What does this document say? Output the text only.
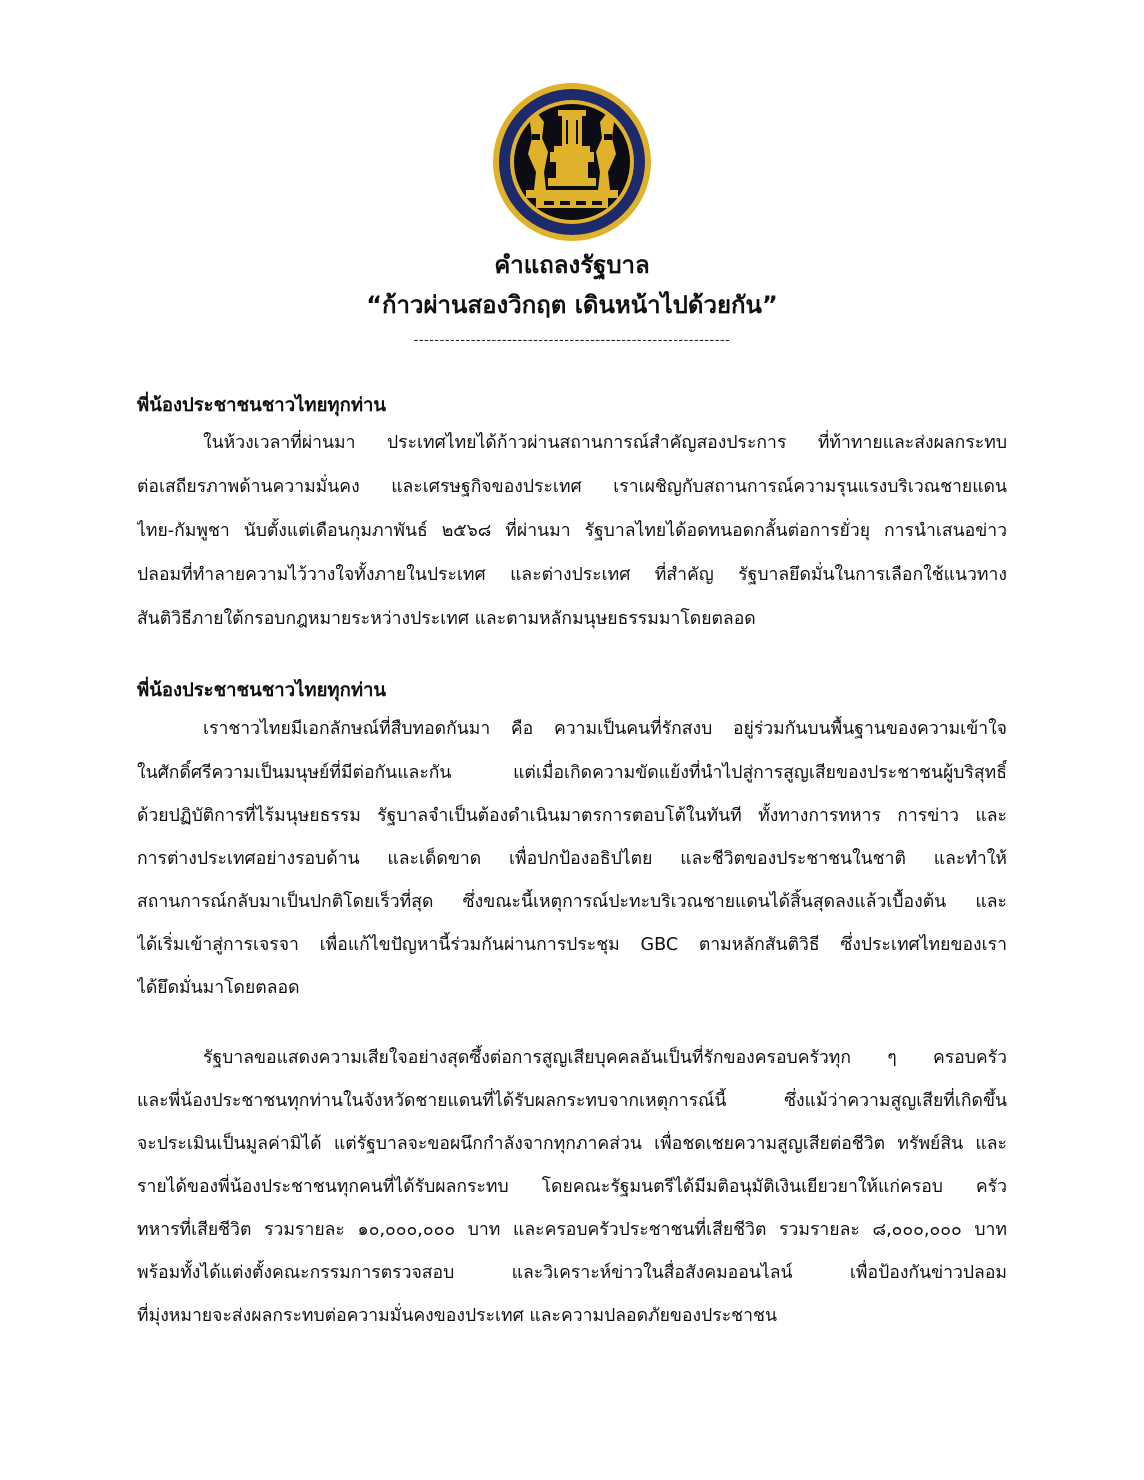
คำแถลงรัฐบาล
“ก้าวผ่านสองวิกฤต เดินหน้าไปด้วยกัน”
-------------------------------------------------------------
พี่น้องประชาชนชาวไทยทุกท่าน
ในห้วงเวลาที่ผ่านมา ประเทศไทยได้ก้าวผ่านสถานการณ์สำคัญสองประการ ที่ท้าทายและส่งผลกระทบ
ต่อเสถียรภาพด้านความมั่นคง และเศรษฐกิจของประเทศ เราเผชิญกับสถานการณ์ความรุนแรงบริเวณชายแดน
ไทย-กัมพูชา นับตั้งแต่เดือนกุมภาพันธ์ ๒๕๖๘ ที่ผ่านมา รัฐบาลไทยได้อดทนอดกลั้นต่อการยั่วยุ การนำเสนอข่าว
ปลอมที่ทำลายความไว้วางใจทั้งภายในประเทศ และต่างประเทศ ที่สำคัญ รัฐบาลยึดมั่นในการเลือกใช้แนวทาง
สันติวิธีภายใต้กรอบกฎหมายระหว่างประเทศ และตามหลักมนุษยธรรมมาโดยตลอด
พี่น้องประชาชนชาวไทยทุกท่าน
เราชาวไทยมีเอกลักษณ์ที่สืบทอดกันมา คือ ความเป็นคนที่รักสงบ อยู่ร่วมกันบนพื้นฐานของความเข้าใจ
ในศักดิ์ศรีความเป็นมนุษย์ที่มีต่อกันและกัน แต่เมื่อเกิดความขัดแย้งที่นำไปสู่การสูญเสียของประชาชนผู้บริสุทธิ์
ด้วยปฏิบัติการที่ไร้มนุษยธรรม รัฐบาลจำเป็นต้องดำเนินมาตรการตอบโต้ในทันที ทั้งทางการทหาร การข่าว และ
การต่างประเทศอย่างรอบด้าน และเด็ดขาด เพื่อปกป้องอธิปไตย และชีวิตของประชาชนในชาติ และทำให้
สถานการณ์กลับมาเป็นปกติโดยเร็วที่สุด ซึ่งขณะนี้เหตุการณ์ปะทะบริเวณชายแดนได้สิ้นสุดลงแล้วเบื้องต้น และ
ได้เริ่มเข้าสู่การเจรจา เพื่อแก้ไขปัญหานี้ร่วมกันผ่านการประชุม GBC ตามหลักสันติวิธี ซึ่งประเทศไทยของเรา
ได้ยึดมั่นมาโดยตลอด
รัฐบาลขอแสดงความเสียใจอย่างสุดซึ้งต่อการสูญเสียบุคคลอันเป็นที่รักของครอบครัวทุก ๆ ครอบครัว
และพี่น้องประชาชนทุกท่านในจังหวัดชายแดนที่ได้รับผลกระทบจากเหตุการณ์นี้ ซึ่งแม้ว่าความสูญเสียที่เกิดขึ้น
จะประเมินเป็นมูลค่ามิได้ แต่รัฐบาลจะขอผนึกกำลังจากทุกภาคส่วน เพื่อชดเชยความสูญเสียต่อชีวิต ทรัพย์สิน และ
รายได้ของพี่น้องประชาชนทุกคนที่ได้รับผลกระทบ โดยคณะรัฐมนตรีได้มีมติอนุมัติเงินเยียวยาให้แก่ครอบ ครัว
ทหารที่เสียชีวิต รวมรายละ ๑๐,๐๐๐,๐๐๐ บาท และครอบครัวประชาชนที่เสียชีวิต รวมรายละ ๘,๐๐๐,๐๐๐ บาท
พร้อมทั้งได้แต่งตั้งคณะกรรมการตรวจสอบ และวิเคราะห์ข่าวในสื่อสังคมออนไลน์ เพื่อป้องกันข่าวปลอม
ที่มุ่งหมายจะส่งผลกระทบต่อความมั่นคงของประเทศ และความปลอดภัยของประชาชน
